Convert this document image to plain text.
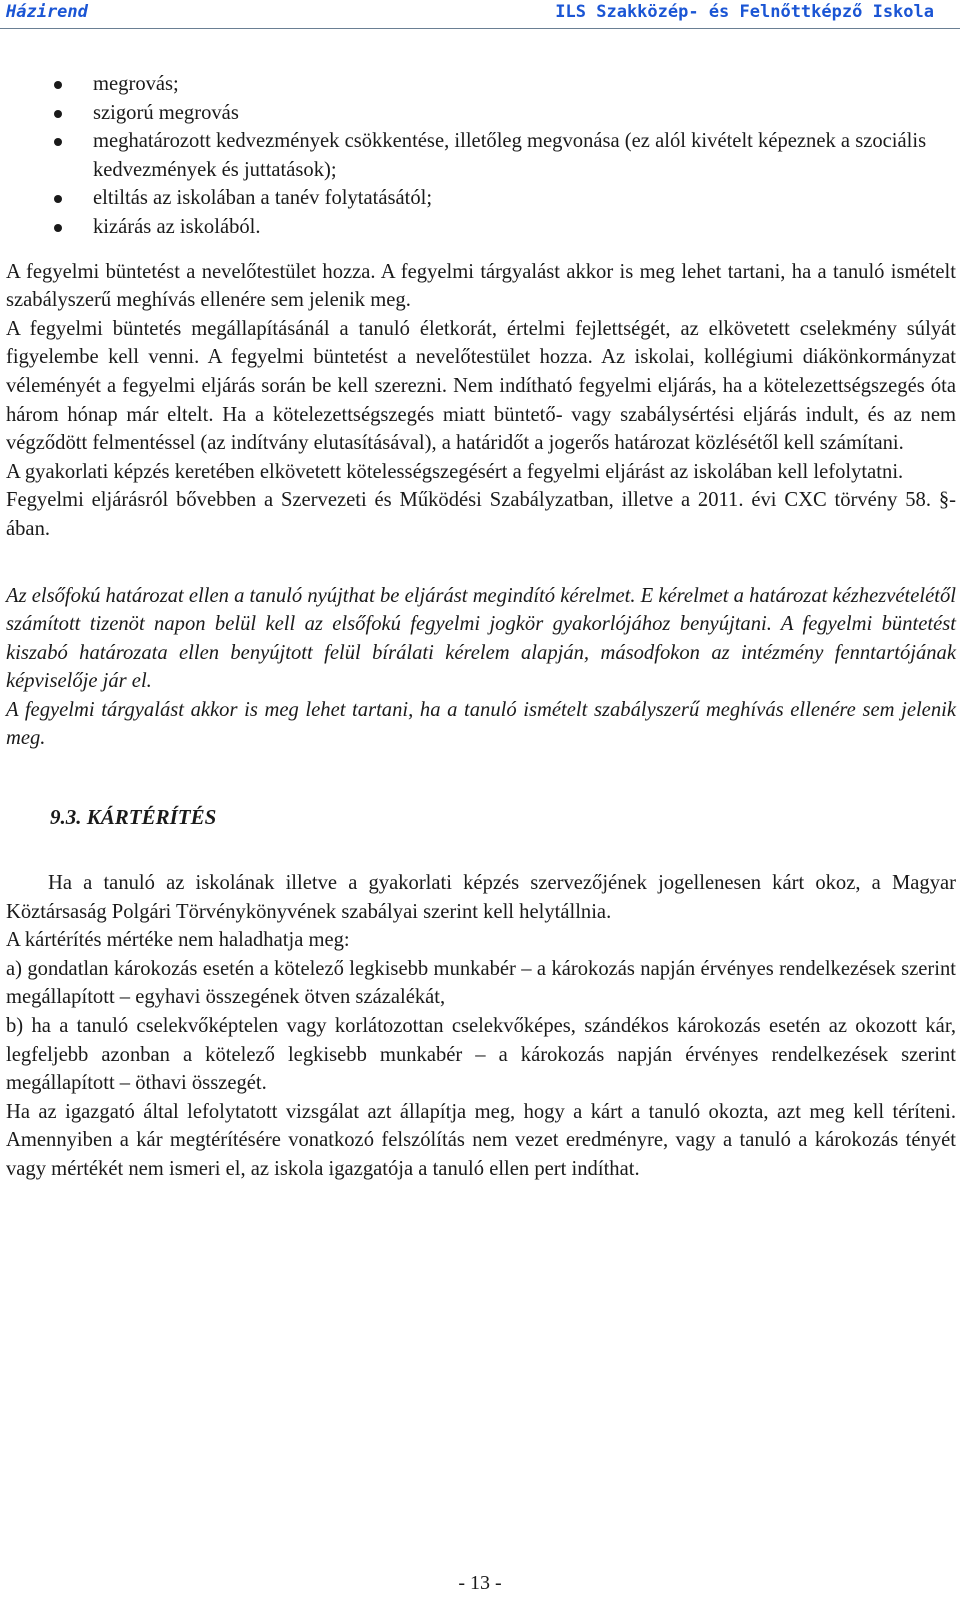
Házirend	ILS Szakközép- és Felnőttképző Iskola
megrovás;
szigorú megrovás
meghatározott kedvezmények csökkentése, illetőleg megvonása (ez alól kivételt képeznek a szociális kedvezmények és juttatások);
eltiltás az iskolában a tanév folytatásától;
kizárás az iskolából.

A fegyelmi büntetést a nevelőtestület hozza. A fegyelmi tárgyalást akkor is meg lehet tartani, ha a tanuló ismételt szabályszerű meghívás ellenére sem jelenik meg.

A fegyelmi büntetés megállapításánál a tanuló életkorát, értelmi fejlettségét, az elkövetett cselekmény súlyát figyelembe kell venni. A fegyelmi büntetést a nevelőtestület hozza. Az iskolai, kollégiumi diákönkormányzat véleményét a fegyelmi eljárás során be kell szerezni. Nem indítható fegyelmi eljárás, ha a kötelezettségszegés óta három hónap már eltelt. Ha a kötelezettségszegés miatt büntető- vagy szabálysértési eljárás indult, és az nem végződött felmentéssel (az indítvány elutasításával), a határidőt a jogerős határozat közlésétől kell számítani.

A gyakorlati képzés keretében elkövetett kötelességszegésért a fegyelmi eljárást az iskolában kell lefolytatni.

Fegyelmi eljárásról bővebben a Szervezeti és Működési Szabályzatban, illetve a 2011. évi CXC törvény 58. §-ában.

Az elsőfokú határozat ellen a tanuló nyújthat be eljárást megindító kérelmet. E kérelmet a határozat kézhezvételétől számított tizenöt napon belül kell az elsőfokú fegyelmi jogkör gyakorlójához benyújtani. A fegyelmi büntetést kiszabó határozata ellen benyújtott felül bírálati kérelem alapján, másodfokon az intézmény fenntartójának képviselője jár el.

A fegyelmi tárgyalást akkor is meg lehet tartani, ha a tanuló ismételt szabályszerű meghívás ellenére sem jelenik meg.

9.3. KÁRTÉRÍTÉS

Ha a tanuló az iskolának illetve a gyakorlati képzés szervezőjének jogellenesen kárt okoz, a Magyar Köztársaság Polgári Törvénykönyvének szabályai szerint kell helytállnia.

A kártérítés mértéke nem haladhatja meg:

a) gondatlan károkozás esetén a kötelező legkisebb munkabér – a károkozás napján érvényes rendelkezések szerint megállapított – egyhavi összegének ötven százalékát,

b) ha a tanuló cselekvőképtelen vagy korlátozottan cselekvőképes, szándékos károkozás esetén az okozott kár, legfeljebb azonban a kötelező legkisebb munkabér – a károkozás napján érvényes rendelkezések szerint megállapított – öthavi összegét.

Ha az igazgató által lefolytatott vizsgálat azt állapítja meg, hogy a kárt a tanuló okozta, azt meg kell téríteni. Amennyiben a kár megtérítésére vonatkozó felszólítás nem vezet eredményre, vagy a tanuló a károkozás tényét vagy mértékét nem ismeri el, az iskola igazgatója a tanuló ellen pert indíthat.

- 13 -
